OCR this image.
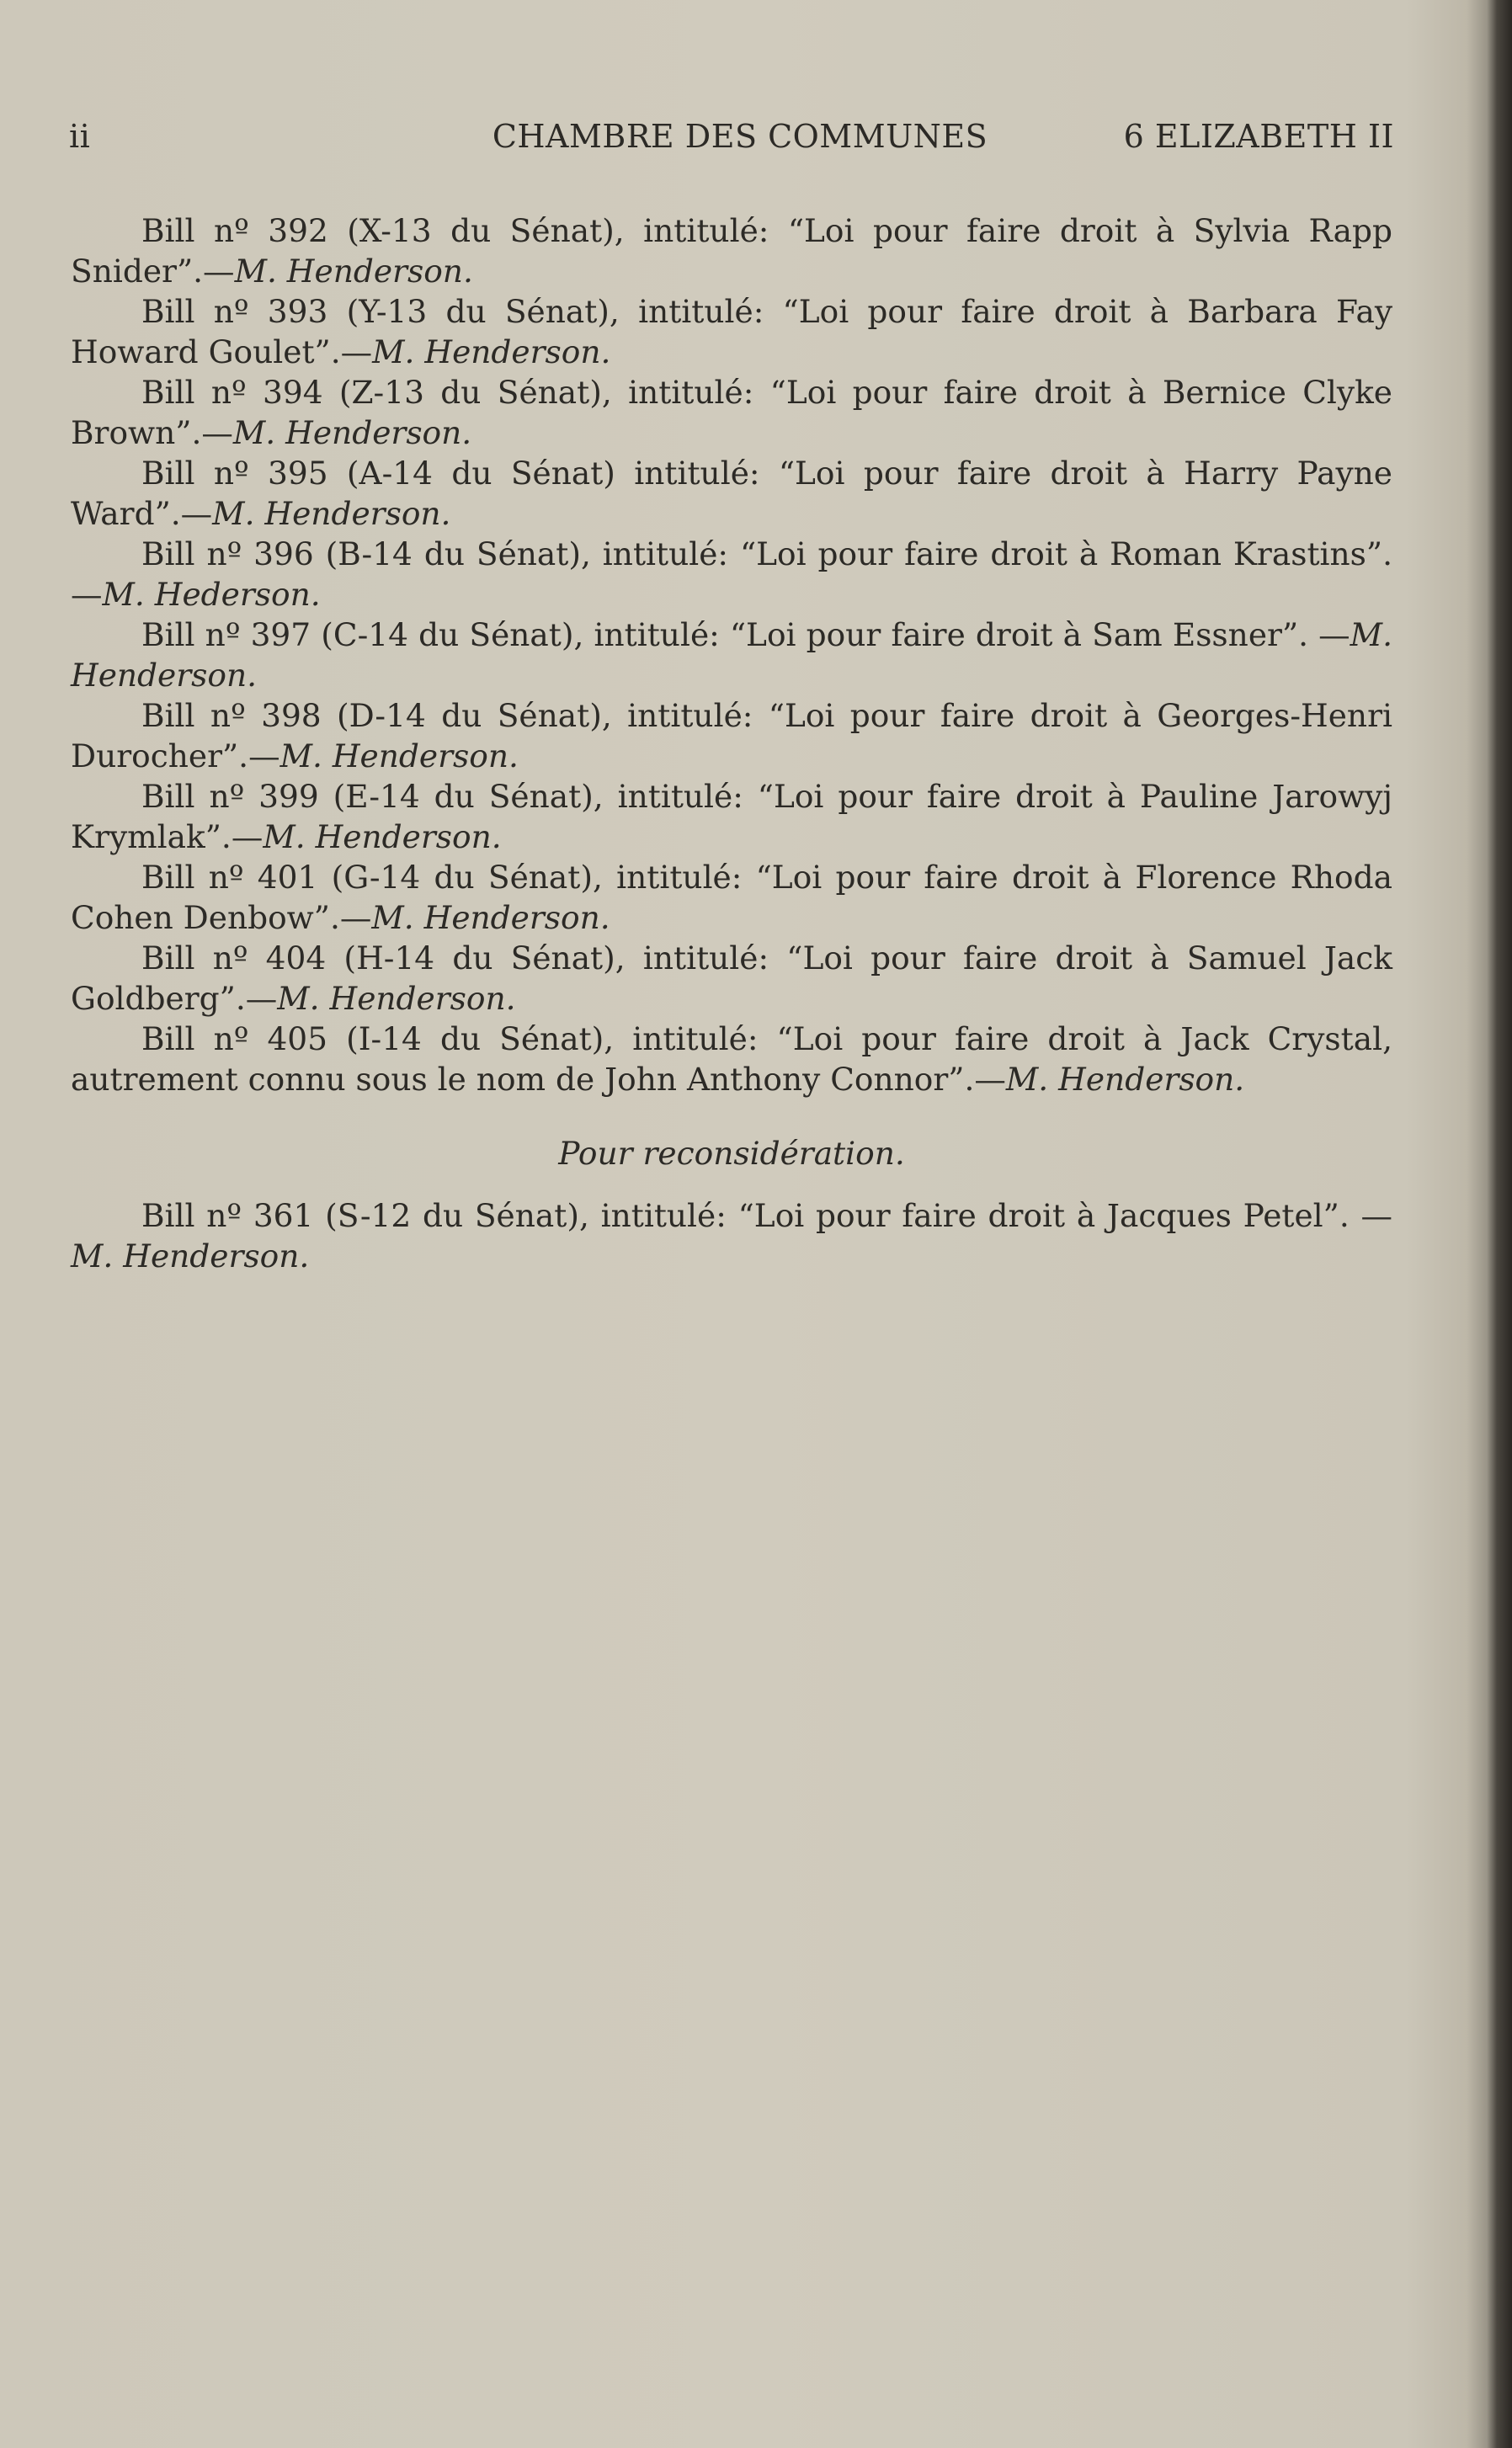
ii	CHAMBRE DES COMMUNES	6 ELIZABETH II

Bill nº 392 (X-13 du Sénat), intitulé: “Loi pour faire droit à Sylvia Rapp Snider”.—M. Henderson.

Bill nº 393 (Y-13 du Sénat), intitulé: “Loi pour faire droit à Barbara Fay Howard Goulet”.—M. Henderson.

Bill nº 394 (Z-13 du Sénat), intitulé: “Loi pour faire droit à Bernice Clyke Brown”.—M. Henderson.

Bill nº 395 (A-14 du Sénat) intitulé: “Loi pour faire droit à Harry Payne Ward”.—M. Henderson.

Bill nº 396 (B-14 du Sénat), intitulé: “Loi pour faire droit à Roman Krastins”.—M. Hederson.

Bill nº 397 (C-14 du Sénat), intitulé: “Loi pour faire droit à Sam Essner”. —M. Henderson.

Bill nº 398 (D-14 du Sénat), intitulé: “Loi pour faire droit à Georges-Henri Durocher”.—M. Henderson.

Bill nº 399 (E-14 du Sénat), intitulé: “Loi pour faire droit à Pauline Jarowyj Krymlak”.—M. Henderson.

Bill nº 401 (G-14 du Sénat), intitulé: “Loi pour faire droit à Florence Rhoda Cohen Denbow”.—M. Henderson.

Bill nº 404 (H-14 du Sénat), intitulé: “Loi pour faire droit à Samuel Jack Goldberg”.—M. Henderson.

Bill nº 405 (I-14 du Sénat), intitulé: “Loi pour faire droit à Jack Crystal, autrement connu sous le nom de John Anthony Connor”.—M. Henderson.

Pour reconsidération.

Bill nº 361 (S-12 du Sénat), intitulé: “Loi pour faire droit à Jacques Petel”. —M. Henderson.
